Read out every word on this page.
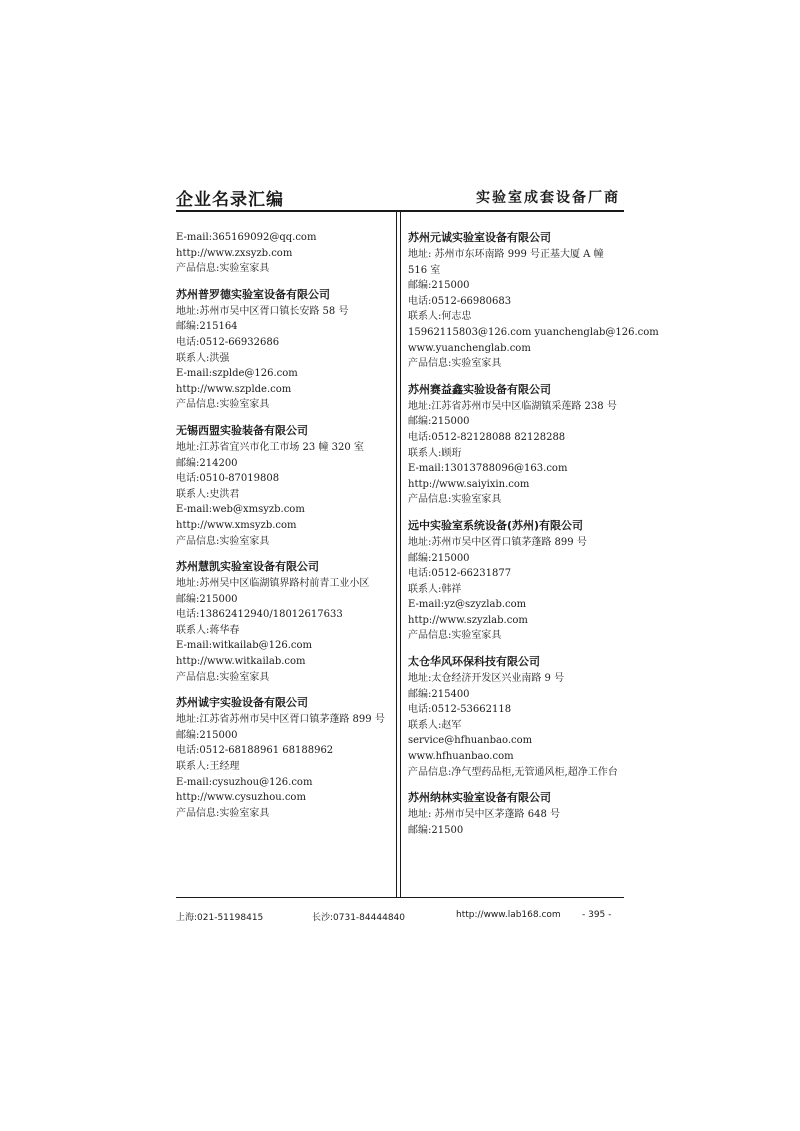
企业名录汇编	实验室成套设备厂商
E-mail:365169092@qq.com
http://www.zxsyzb.com
产品信息:实验室家具
苏州普罗德实验室设备有限公司
地址:苏州市吴中区胥口镇长安路 58 号
邮编:215164
电话:0512-66932686
联系人:洪强
E-mail:szplde@126.com
http://www.szplde.com
产品信息:实验室家具
无锡西盟实验装备有限公司
地址:江苏省宜兴市化工市场 23 幢 320 室
邮编:214200
电话:0510-87019808
联系人:史洪君
E-mail:web@xmsyzb.com
http://www.xmsyzb.com
产品信息:实验室家具
苏州慧凯实验室设备有限公司
地址:苏州吴中区临湖镇界路村前青工业小区
邮编:215000
电话:13862412940/18012617633
联系人:蒋华春
E-mail:witkailab@126.com
http://www.witkailab.com
产品信息:实验室家具
苏州诚宇实验设备有限公司
地址:江苏省苏州市吴中区胥口镇茅蓬路 899 号
邮编:215000
电话:0512-68188961 68188962
联系人:王经理
E-mail:cysuzhou@126.com
http://www.cysuzhou.com
产品信息:实验室家具
苏州元诚实验室设备有限公司
地址: 苏州市东环南路 999 号正基大厦 A 幢 516 室
邮编:215000
电话:0512-66980683
联系人:何志忠
15962115803@126.com yuanchenglab@126.com
www.yuanchenglab.com
产品信息:实验室家具
苏州赛益鑫实验设备有限公司
地址:江苏省苏州市吴中区临湖镇采莲路 238 号
邮编:215000
电话:0512-82128088 82128288
联系人:顾珩
E-mail:13013788096@163.com
http://www.saiyixin.com
产品信息:实验室家具
远中实验室系统设备(苏州)有限公司
地址:苏州市吴中区胥口镇茅蓬路 899 号
邮编:215000
电话:0512-66231877
联系人:韩祥
E-mail:yz@szyzlab.com
http://www.szyzlab.com
产品信息:实验室家具
太仓华风环保科技有限公司
地址:太仓经济开发区兴业南路 9 号
邮编:215400
电话:0512-53662118
联系人:赵军
service@hfhuanbao.com
www.hfhuanbao.com
产品信息:净气型药品柜,无管通风柜,超净工作台
苏州纳林实验室设备有限公司
地址: 苏州市吴中区茅蓬路 648 号
邮编:21500
上海:021-51198415	长沙:0731-84444840	http://www.lab168.com - 395 -
